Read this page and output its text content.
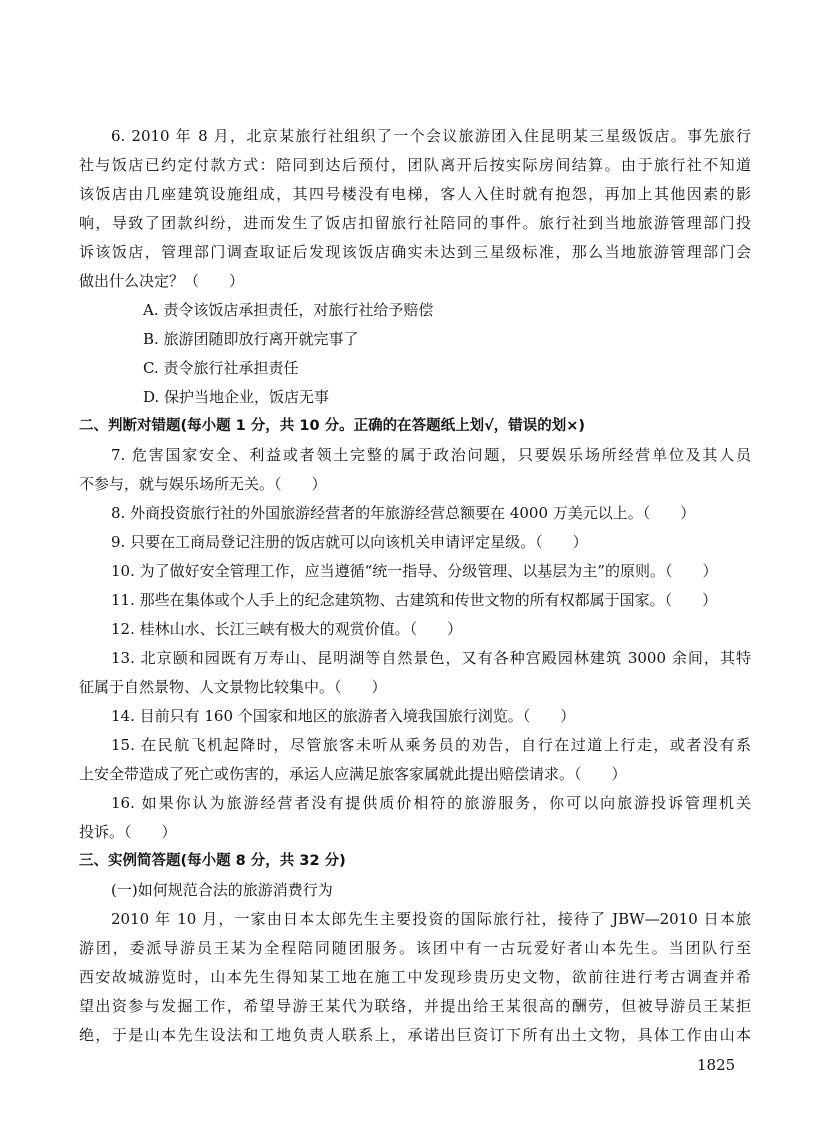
6. 2010 年 8 月，北京某旅行社组织了一个会议旅游团入住昆明某三星级饭店。事先旅行
社与饭店已约定付款方式：陪同到达后预付，团队离开后按实际房间结算。由于旅行社不知道
该饭店由几座建筑设施组成，其四号楼没有电梯，客人入住时就有抱怨，再加上其他因素的影
响，导致了团款纠纷，进而发生了饭店扣留旅行社陪同的事件。旅行社到当地旅游管理部门投
诉该饭店，管理部门调查取证后发现该饭店确实未达到三星级标准，那么当地旅游管理部门会
做出什么决定？（　　）
A. 责令该饭店承担责任，对旅行社给予赔偿
B. 旅游团随即放行离开就完事了
C. 责令旅行社承担责任
D. 保护当地企业，饭店无事
二、判断对错题(每小题 1 分，共 10 分。正确的在答题纸上划√，错误的划×)
7. 危害国家安全、利益或者领土完整的属于政治问题，只要娱乐场所经营单位及其人员
不参与，就与娱乐场所无关。（　　）
8. 外商投资旅行社的外国旅游经营者的年旅游经营总额要在 4000 万美元以上。（　　）
9. 只要在工商局登记注册的饭店就可以向该机关申请评定星级。（　　）
10. 为了做好安全管理工作，应当遵循“统一指导、分级管理、以基层为主”的原则。（　　）
11. 那些在集体或个人手上的纪念建筑物、古建筑和传世文物的所有权都属于国家。（　　）
12. 桂林山水、长江三峡有极大的观赏价值。（　　）
13. 北京颐和园既有万寿山、昆明湖等自然景色，又有各种宫殿园林建筑 3000 余间，其特
征属于自然景物、人文景物比较集中。（　　）
14. 目前只有 160 个国家和地区的旅游者入境我国旅行浏览。（　　）
15. 在民航飞机起降时，尽管旅客未听从乘务员的劝告，自行在过道上行走，或者没有系
上安全带造成了死亡或伤害的，承运人应满足旅客家属就此提出赔偿请求。（　　）
16. 如果你认为旅游经营者没有提供质价相符的旅游服务，你可以向旅游投诉管理机关
投诉。（　　）
三、实例简答题(每小题 8 分，共 32 分)
(一)如何规范合法的旅游消费行为
2010 年 10 月，一家由日本太郎先生主要投资的国际旅行社，接待了 JBW—2010 日本旅
游团，委派导游员王某为全程陪同随团服务。该团中有一古玩爱好者山本先生。当团队行至
西安故城游览时，山本先生得知某工地在施工中发现珍贵历史文物，欲前往进行考古调查并希
望出资参与发掘工作，希望导游王某代为联络，并提出给王某很高的酬劳，但被导游员王某拒
绝，于是山本先生设法和工地负责人联系上，承诺出巨资订下所有出土文物，具体工作由山本
1825
